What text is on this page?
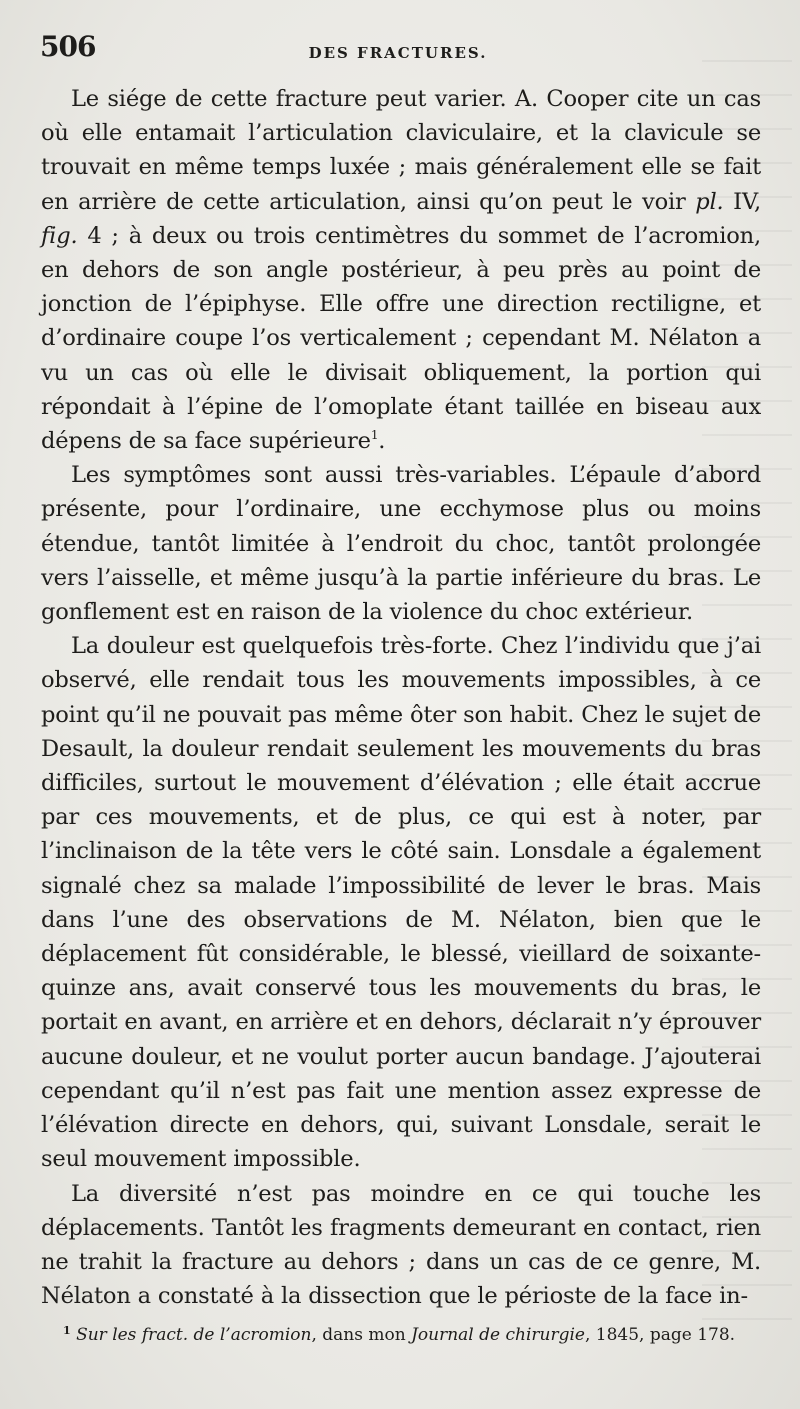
506	DES FRACTURES.

Le siége de cette fracture peut varier. A. Cooper cite un cas où elle entamait l’articulation claviculaire, et la clavicule se trouvait en même temps luxée ; mais généralement elle se fait en arrière de cette articulation, ainsi qu’on peut le voir pl. IV, fig. 4 ; à deux ou trois centimètres du sommet de l’acromion, en dehors de son angle postérieur, à peu près au point de jonction de l’épiphyse. Elle offre une direction rectiligne, et d’ordinaire coupe l’os verticalement ; cependant M. Nélaton a vu un cas où elle le divisait obliquement, la portion qui répondait à l’épine de l’omoplate étant taillée en biseau aux dépens de sa face supérieure$^1$.

Les symptômes sont aussi très-variables. L’épaule d’abord présente, pour l’ordinaire, une ecchymose plus ou moins étendue, tantôt limitée à l’endroit du choc, tantôt prolongée vers l’aisselle, et même jusqu’à la partie inférieure du bras. Le gonflement est en raison de la violence du choc extérieur.

La douleur est quelquefois très-forte. Chez l’individu que j’ai observé, elle rendait tous les mouvements impossibles, à ce point qu’il ne pouvait pas même ôter son habit. Chez le sujet de Desault, la douleur rendait seulement les mouvements du bras difficiles, surtout le mouvement d’élévation ; elle était accrue par ces mouvements, et de plus, ce qui est à noter, par l’inclinaison de la tête vers le côté sain. Lonsdale a également signalé chez sa malade l’impossibilité de lever le bras. Mais dans l’une des observations de M. Nélaton, bien que le déplacement fût considérable, le blessé, vieillard de soixante-quinze ans, avait conservé tous les mouvements du bras, le portait en avant, en arrière et en dehors, déclarait n’y éprouver aucune douleur, et ne voulut porter aucun bandage. J’ajouterai cependant qu’il n’est pas fait une mention assez expresse de l’élévation directe en dehors, qui, suivant Lonsdale, serait le seul mouvement impossible.

La diversité n’est pas moindre en ce qui touche les déplacements. Tantôt les fragments demeurant en contact, rien ne trahit la fracture au dehors ; dans un cas de ce genre, M. Nélaton a constaté à la dissection que le périoste de la face in-

$^1$ Sur les fract. de l’acromion, dans mon Journal de chirurgie, 1845, page 178.
